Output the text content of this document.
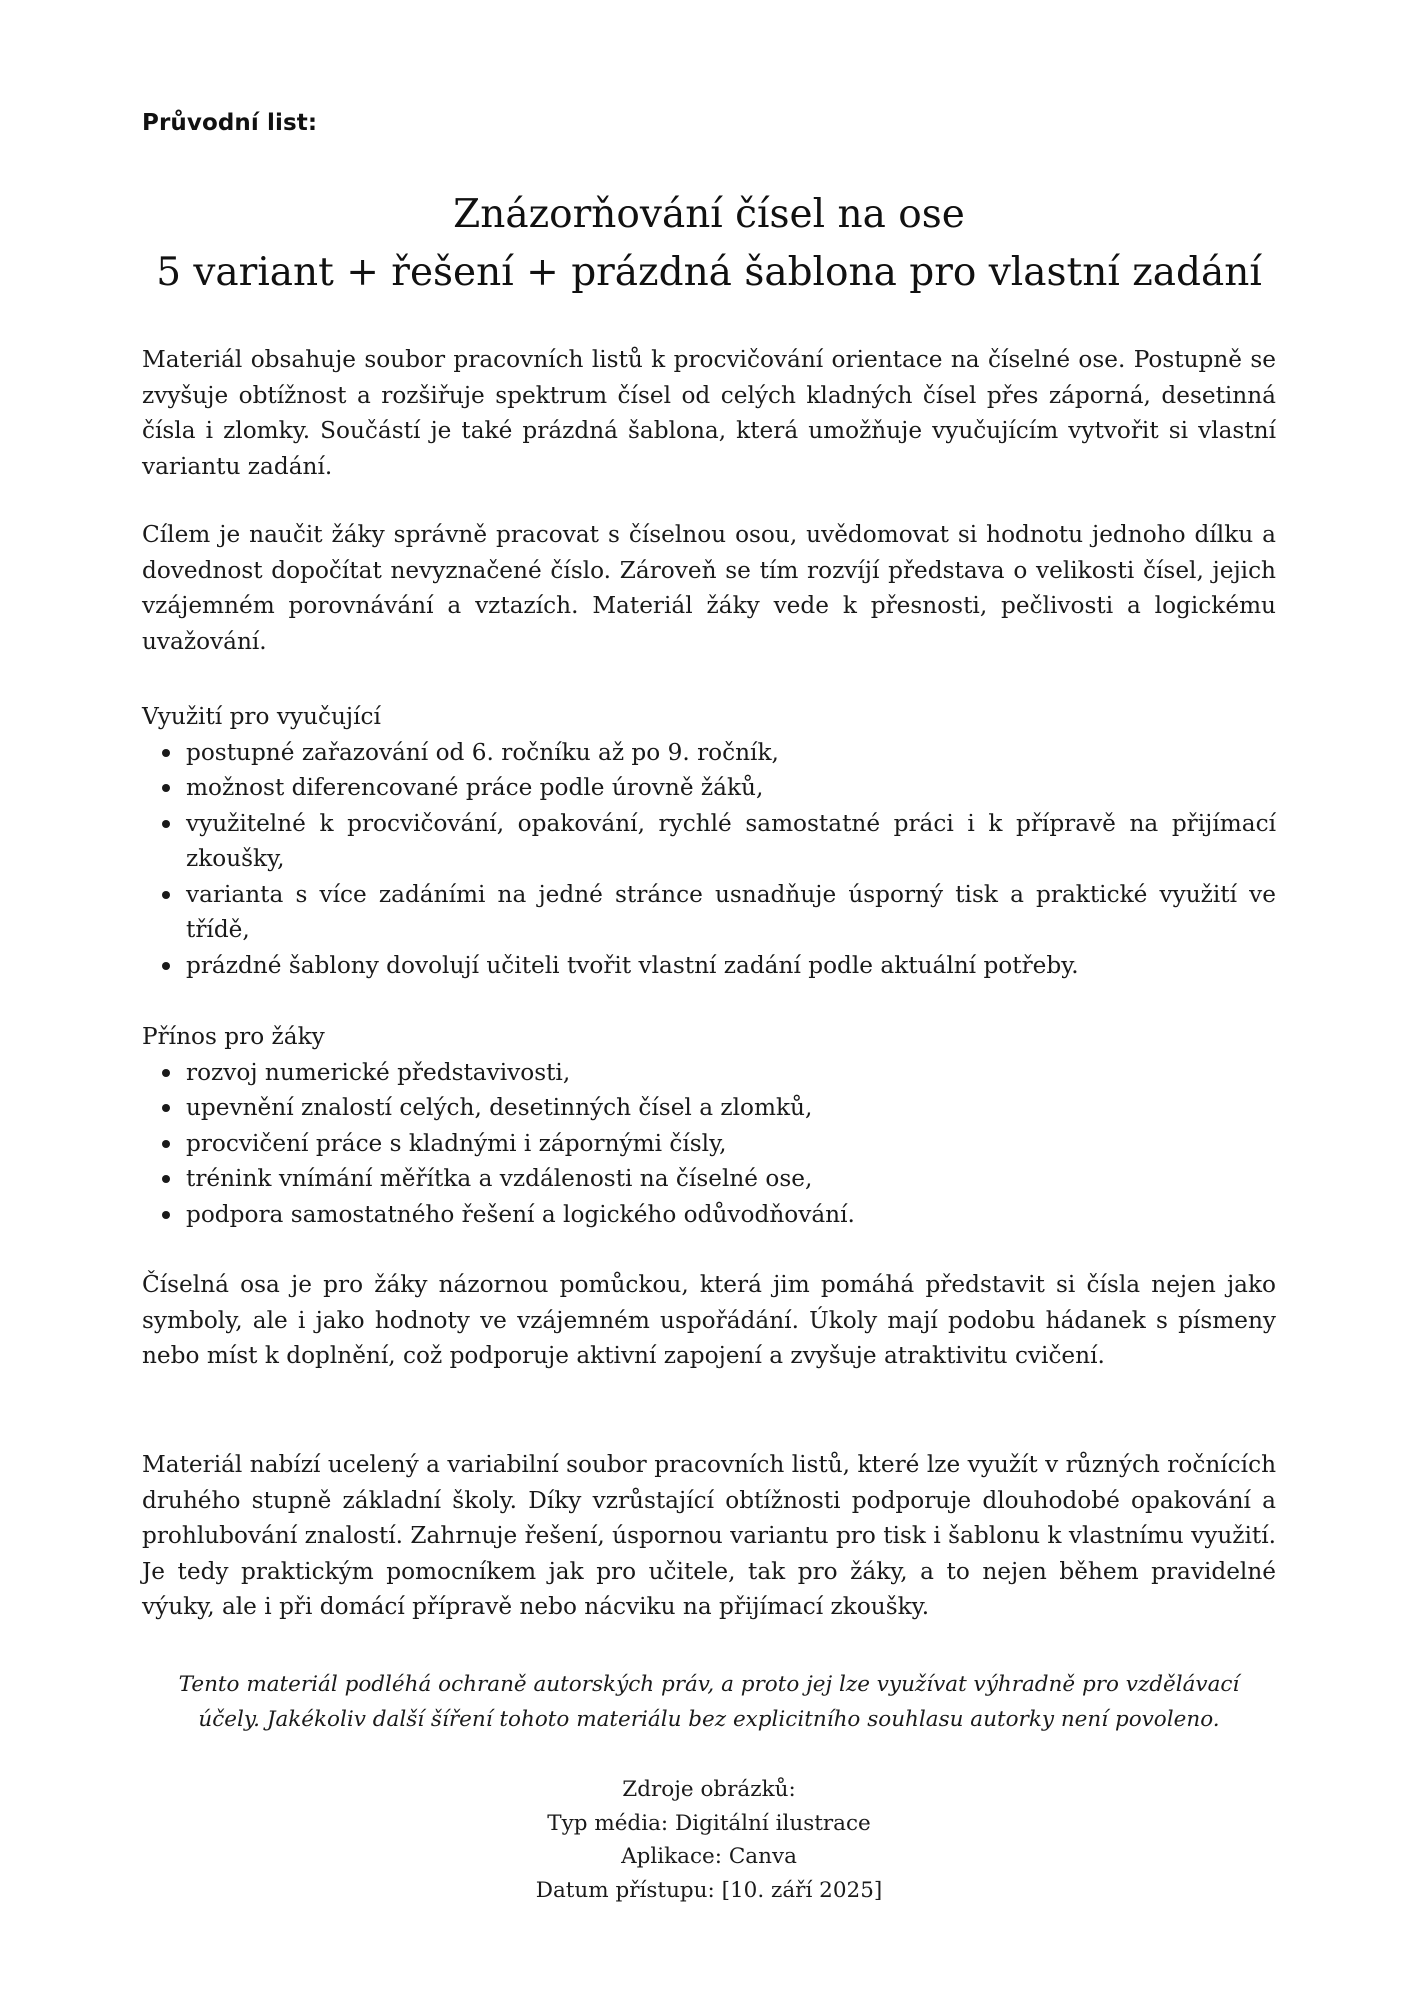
Průvodní list:
Znázorňování čísel na ose
5 variant + řešení + prázdná šablona pro vlastní zadání

Materiál obsahuje soubor pracovních listů k procvičování orientace na číselné ose. Postupně se zvyšuje obtížnost a rozšiřuje spektrum čísel od celých kladných čísel přes záporná, desetinná čísla i zlomky. Součástí je také prázdná šablona, která umožňuje vyučujícím vytvořit si vlastní variantu zadání.

Cílem je naučit žáky správně pracovat s číselnou osou, uvědomovat si hodnotu jednoho dílku a dovednost dopočítat nevyznačené číslo. Zároveň se tím rozvíjí představa o velikosti čísel, jejich vzájemném porovnávání a vztazích. Materiál žáky vede k přesnosti, pečlivosti a logickému uvažování.

Využití pro vyučující
postupné zařazování od 6. ročníku až po 9. ročník,
možnost diferencované práce podle úrovně žáků,
využitelné k procvičování, opakování, rychlé samostatné práci i k přípravě na přijímací zkoušky,
varianta s více zadáními na jedné stránce usnadňuje úsporný tisk a praktické využití ve třídě,
prázdné šablony dovolují učiteli tvořit vlastní zadání podle aktuální potřeby.
Přínos pro žáky
rozvoj numerické představivosti,
upevnění znalostí celých, desetinných čísel a zlomků,
procvičení práce s kladnými i zápornými čísly,
trénink vnímání měřítka a vzdálenosti na číselné ose,
podpora samostatného řešení a logického odůvodňování.

Číselná osa je pro žáky názornou pomůckou, která jim pomáhá představit si čísla nejen jako symboly, ale i jako hodnoty ve vzájemném uspořádání. Úkoly mají podobu hádanek s písmeny nebo míst k doplnění, což podporuje aktivní zapojení a zvyšuje atraktivitu cvičení.

Materiál nabízí ucelený a variabilní soubor pracovních listů, které lze využít v různých ročnících druhého stupně základní školy. Díky vzrůstající obtížnosti podporuje dlouhodobé opakování a prohlubování znalostí. Zahrnuje řešení, úspornou variantu pro tisk i šablonu k vlastnímu využití. Je tedy praktickým pomocníkem jak pro učitele, tak pro žáky, a to nejen během pravidelné výuky, ale i při domácí přípravě nebo nácviku na přijímací zkoušky.

Tento materiál podléhá ochraně autorských práv, a proto jej lze využívat výhradně pro vzdělávací
účely. Jakékoliv další šíření tohoto materiálu bez explicitního souhlasu autorky není povoleno.
Zdroje obrázků:
Typ média: Digitální ilustrace
Aplikace: Canva
Datum přístupu: [10. září 2025]
